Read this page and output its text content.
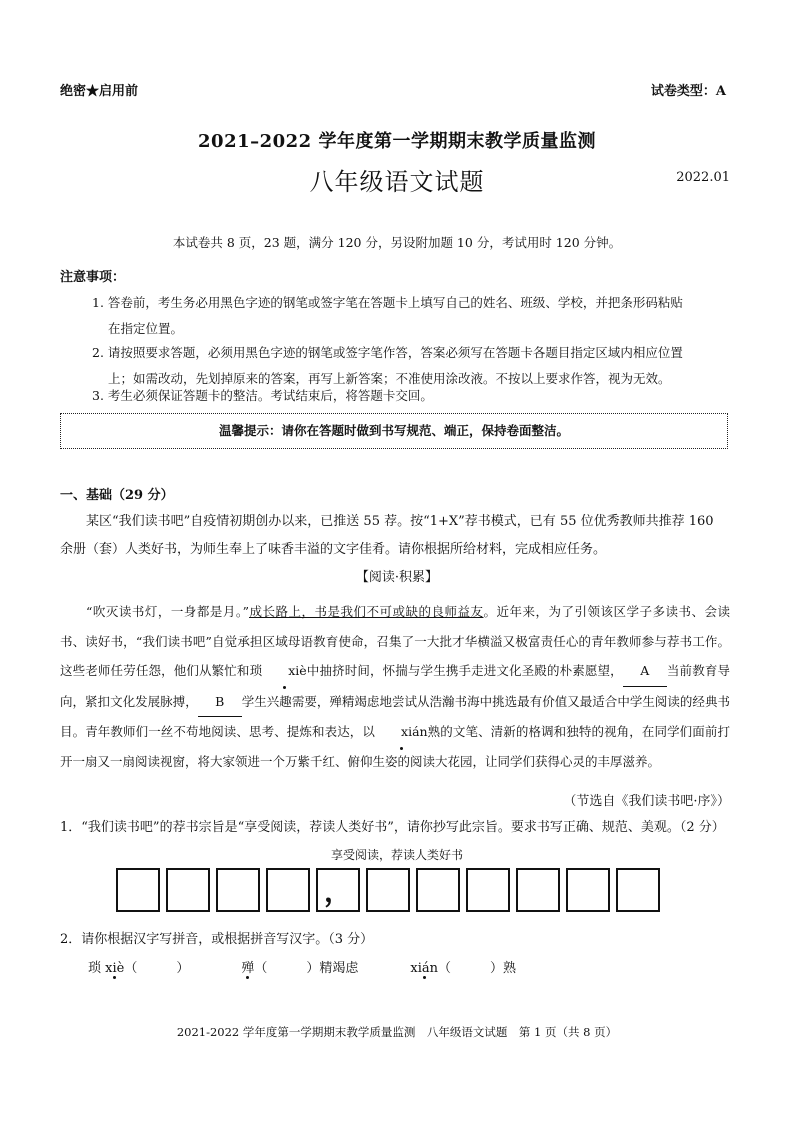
绝密★启用前	试卷类型：A
2021–2022 学年度第一学期期末教学质量监测
八年级语文试题	2022.01
本试卷共 8 页，23 题，满分 120 分，另设附加题 10 分，考试用时 120 分钟。
注意事项：
1. 答卷前，考生务必用黑色字迹的钢笔或签字笔在答题卡上填写自己的姓名、班级、学校，并把条形码粘贴
在指定位置。
2. 请按照要求答题，必须用黑色字迹的钢笔或签字笔作答，答案必须写在答题卡各题目指定区域内相应位置
上；如需改动，先划掉原来的答案，再写上新答案；不准使用涂改液。不按以上要求作答，视为无效。
3. 考生必须保证答题卡的整洁。考试结束后，将答题卡交回。
温馨提示：请你在答题时做到书写规范、端正，保持卷面整洁。
一、基础（29 分）
某区“我们读书吧”自疫情初期创办以来，已推送 55 荐。按“1+X”荐书模式，已有 55 位优秀教师共推荐 160 余册（套）人类好书，为师生奉上了味香丰溢的文字佳肴。请你根据所给材料，完成相应任务。
【阅读·积累】
“吹灭读书灯，一身都是月。”成长路上，书是我们不可或缺的良师益友。近年来，为了引领该区学子多读书、会读书、读好书，“我们读书吧”自觉承担区域母语教育使命，召集了一大批才华横溢又极富责任心的青年教师参与荐书工作。这些老师任劳任怨，他们从繁忙和琐 xiè中抽挤时间，怀揣与学生携手走进文化圣殿的朴素愿望， A 当前教育导向，紧扣文化发展脉搏， B 学生兴趣需要，殚精竭虑地尝试从浩瀚书海中挑选最有价值又最适合中学生阅读的经典书目。青年教师们一丝不苟地阅读、思考、提炼和表达，以 xián熟的文笔、清新的格调和独特的视角，在同学们面前打开一扇又一扇阅读视窗，将大家领进一个万紫千红、俯仰生姿的阅读大花园，让同学们获得心灵的丰厚滋养。
（节选自《我们读书吧·序》）
1．“我们读书吧”的荐书宗旨是“享受阅读，荐读人类好书”，请你抄写此宗旨。要求书写正确、规范、美观。（2 分）
享受阅读，荐读人类好书
，
2．请你根据汉字写拼音，或根据拼音写汉字。（3 分）
琐 xiè（　　　）	殚（　　　）精竭虑	xián（　　　）熟
2021-2022 学年度第一学期期末教学质量监测　八年级语文试题　第 1 页（共 8 页）
